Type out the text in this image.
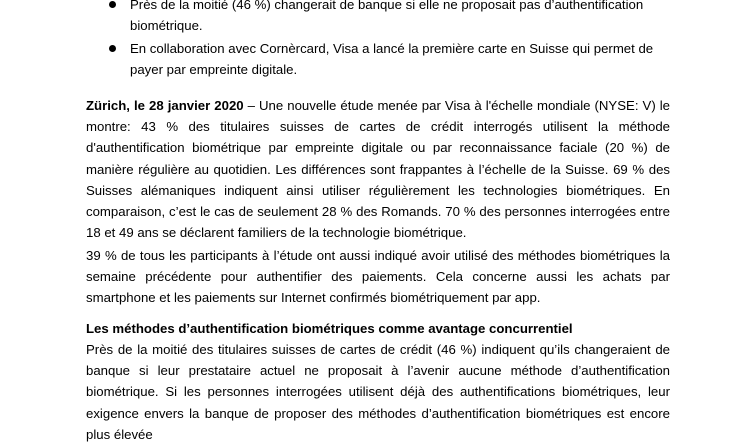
Près de la moitié (46 %) changerait de banque si elle ne proposait pas d’authentification biométrique.
En collaboration avec Cornèrcard, Visa a lancé la première carte en Suisse qui permet de payer par empreinte digitale.

Zürich, le 28 janvier 2020 – Une nouvelle étude menée par Visa à l'échelle mondiale (NYSE: V) le montre: 43 % des titulaires suisses de cartes de crédit interrogés utilisent la méthode d'authentification biométrique par empreinte digitale ou par reconnaissance faciale (20 %) de manière régulière au quotidien. Les différences sont frappantes à l’échelle de la Suisse. 69 % des Suisses alémaniques indiquent ainsi utiliser régulièrement les technologies biométriques. En comparaison, c’est le cas de seulement 28 % des Romands. 70 % des personnes interrogées entre 18 et 49 ans se déclarent familiers de la technologie biométrique.

39 % de tous les participants à l’étude ont aussi indiqué avoir utilisé des méthodes biométriques la semaine précédente pour authentifier des paiements. Cela concerne aussi les achats par smartphone et les paiements sur Internet confirmés biométriquement par app.

Les méthodes d’authentification biométriques comme avantage concurrentiel

Près de la moitié des titulaires suisses de cartes de crédit (46 %) indiquent qu’ils changeraient de banque si leur prestataire actuel ne proposait à l’avenir aucune méthode d’authentification biométrique. Si les personnes interrogées utilisent déjà des authentifications biométriques, leur exigence envers la banque de proposer des méthodes d’authentification biométriques est encore plus élevée
